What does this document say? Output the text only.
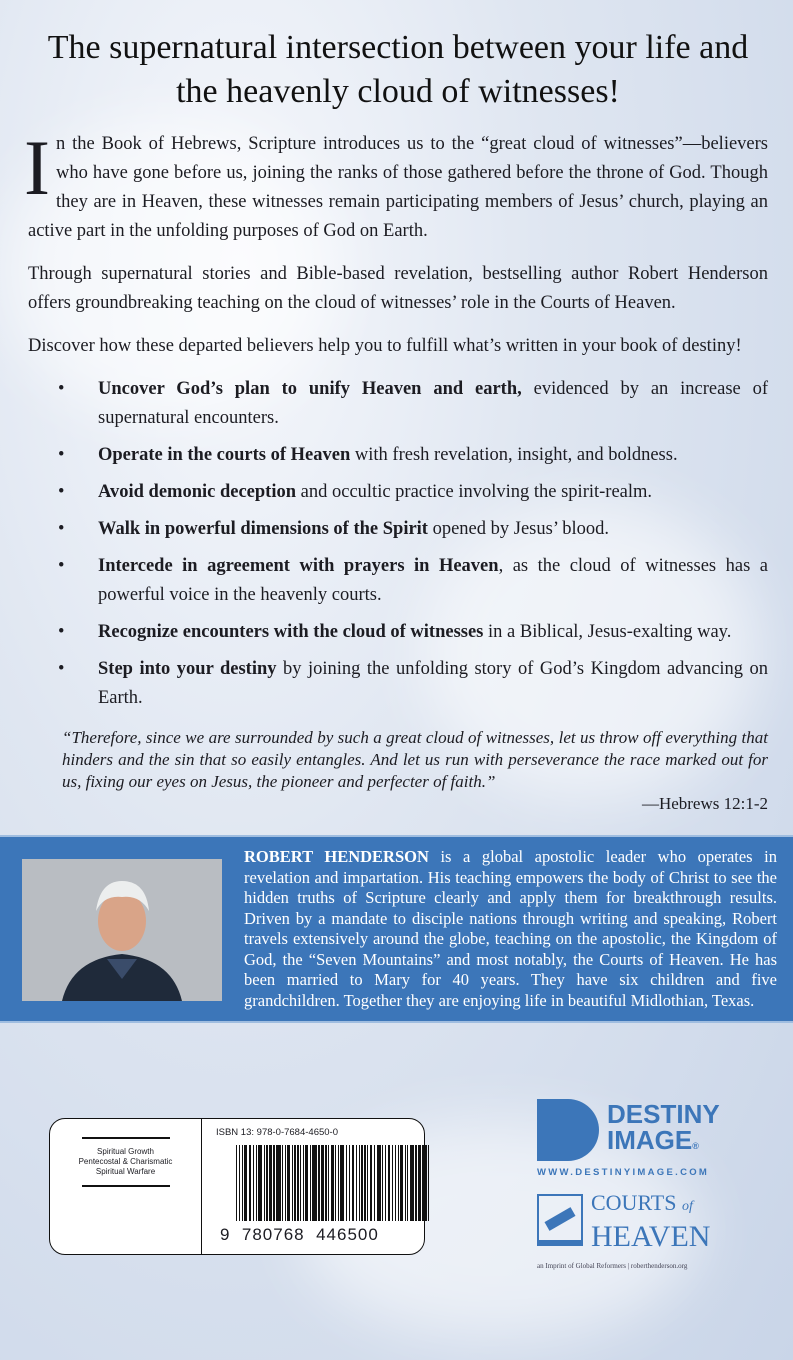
The supernatural intersection between your life and the heavenly cloud of witnesses!
In the Book of Hebrews, Scripture introduces us to the “great cloud of witnesses”—believers who have gone before us, joining the ranks of those gathered before the throne of God. Though they are in Heaven, these witnesses remain participating members of Jesus’ church, playing an active part in the unfolding purposes of God on Earth.
Through supernatural stories and Bible-based revelation, bestselling author Robert Henderson offers groundbreaking teaching on the cloud of witnesses’ role in the Courts of Heaven.
Discover how these departed believers help you to fulfill what’s written in your book of destiny!
• Uncover God’s plan to unify Heaven and earth, evidenced by an increase of supernatural encounters.
• Operate in the courts of Heaven with fresh revelation, insight, and boldness.
• Avoid demonic deception and occultic practice involving the spirit-realm.
• Walk in powerful dimensions of the Spirit opened by Jesus’ blood.
• Intercede in agreement with prayers in Heaven, as the cloud of witnesses has a powerful voice in the heavenly courts.
• Recognize encounters with the cloud of witnesses in a Biblical, Jesus-exalting way.
• Step into your destiny by joining the unfolding story of God’s Kingdom advancing on Earth.
“Therefore, since we are surrounded by such a great cloud of witnesses, let us throw off everything that hinders and the sin that so easily entangles. And let us run with perseverance the race marked out for us, fixing our eyes on Jesus, the pioneer and perfecter of faith.”
—Hebrews 12:1-2
ROBERT HENDERSON is a global apostolic leader who operates in revelation and impartation. His teaching empowers the body of Christ to see the hidden truths of Scripture clearly and apply them for breakthrough results. Driven by a mandate to disciple nations through writing and speaking, Robert travels extensively around the globe, teaching on the apostolic, the Kingdom of God, the “Seven Mountains” and most notably, the Courts of Heaven. He has been married to Mary for 40 years. They have six children and five grandchildren. Together they are enjoying life in beautiful Midlothian, Texas.
Spiritual Growth
Pentecostal & Charismatic
Spiritual Warfare
ISBN 13: 978-0-7684-4650-0
9  780768  446500
DESTINY
IMAGE®
WWW.DESTINYIMAGE.COM
COURTS of
HEAVEN
an Imprint of Global Reformers | roberthenderson.org
